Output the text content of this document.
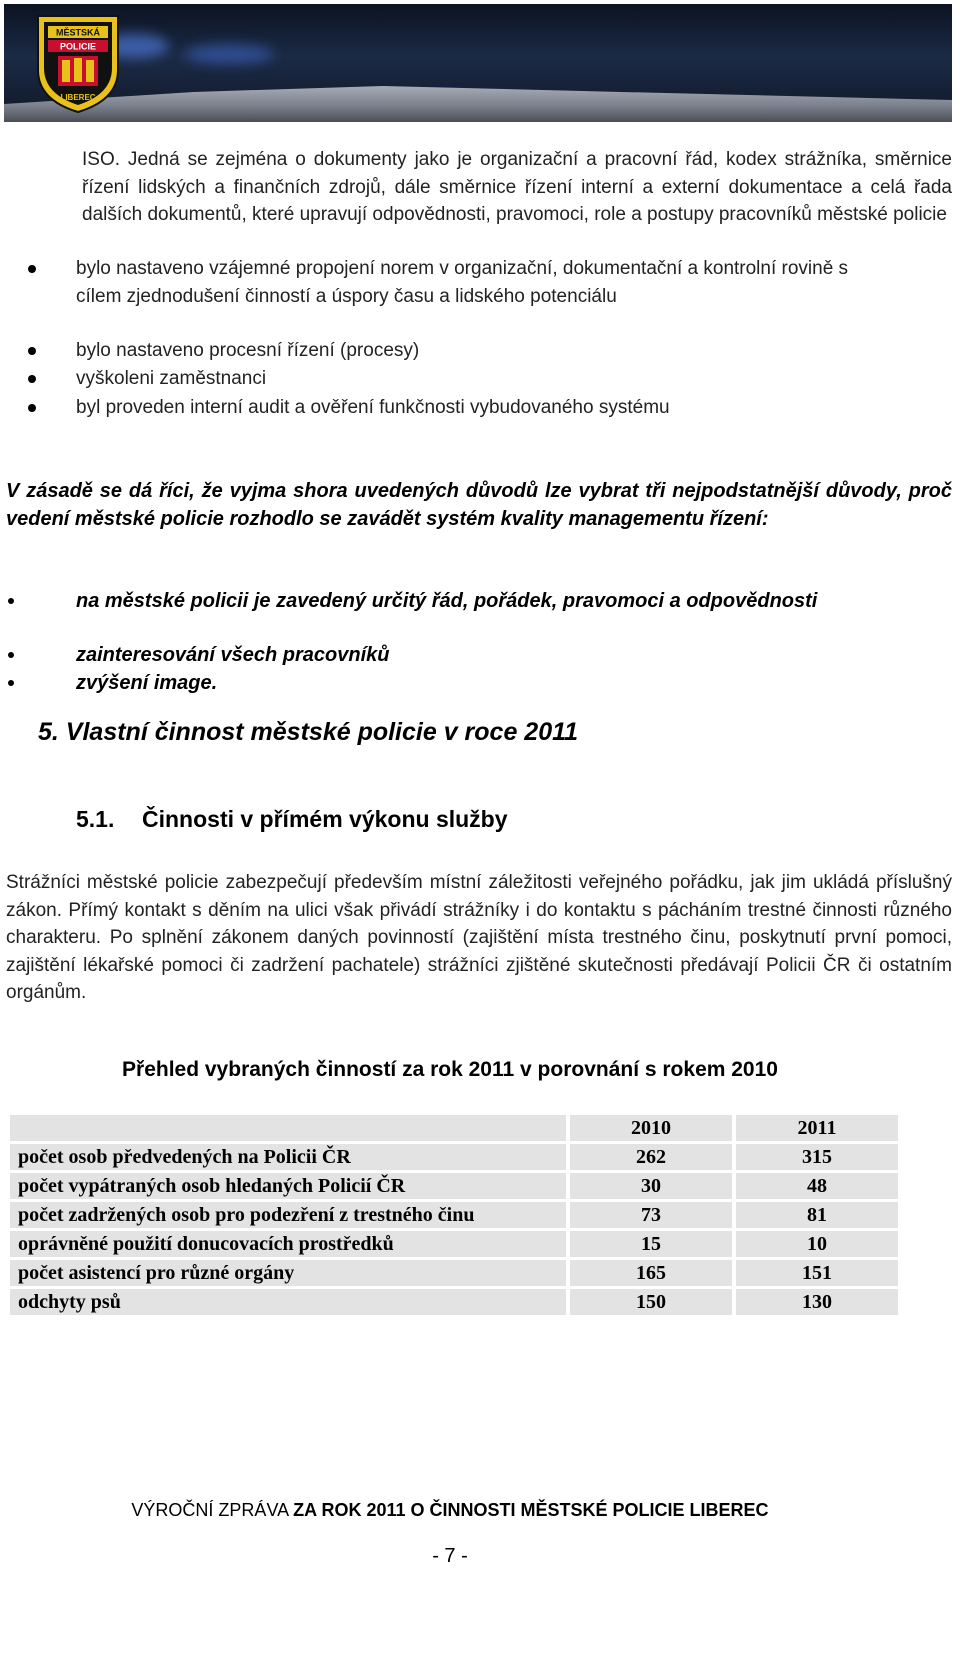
MĚSTSKÁ
POLICIE
LIBEREC
ISO. Jedná se zejména o dokumenty jako je organizační a pracovní řád, kodex strážníka, směrnice řízení lidských a finančních zdrojů, dále směrnice řízení interní a externí dokumentace a celá řada dalších dokumentů, které upravují odpovědnosti, pravomoci, role a postupy pracovníků městské policie
bylo nastaveno vzájemné propojení norem v organizační, dokumentační a kontrolní rovině s cílem zjednodušení činností a úspory času a lidského potenciálu
bylo nastaveno procesní řízení (procesy)
vyškoleni zaměstnanci
byl proveden interní audit a ověření funkčnosti vybudovaného systému
V zásadě se dá říci, že vyjma shora uvedených důvodů lze vybrat tři nejpodstatnější důvody, proč vedení městské policie rozhodlo se zavádět systém kvality managementu řízení:
na městské policii je zavedený určitý řád, pořádek, pravomoci a odpovědnosti
zainteresování všech pracovníků
zvýšení image.
5. Vlastní činnost městské policie v roce 2011
5.1. Činnosti v přímém výkonu služby
Strážníci městské policie zabezpečují především místní záležitosti veřejného pořádku, jak jim ukládá příslušný zákon. Přímý kontakt s děním na ulici však přivádí strážníky i do kontaktu s pácháním trestné činnosti různého charakteru. Po splnění zákonem daných povinností (zajištění místa trestného činu, poskytnutí první pomoci, zajištění lékařské pomoci či zadržení pachatele) strážníci zjištěné skutečnosti předávají Policii ČR či ostatním orgánům.
Přehled vybraných činností za rok 2011 v porovnání s rokem 2010
	2010	2011
počet osob předvedených na Policii ČR	262	315
počet vypátraných osob hledaných Policií ČR	30	48
počet zadržených osob pro podezření z trestného činu	73	81
oprávněné použití donucovacích prostředků	15	10
počet asistencí pro různé orgány	165	151
odchyty psů	150	130
VÝROČNÍ ZPRÁVA ZA ROK 2011 O ČINNOSTI MĚSTSKÉ POLICIE LIBEREC
- 7 -
